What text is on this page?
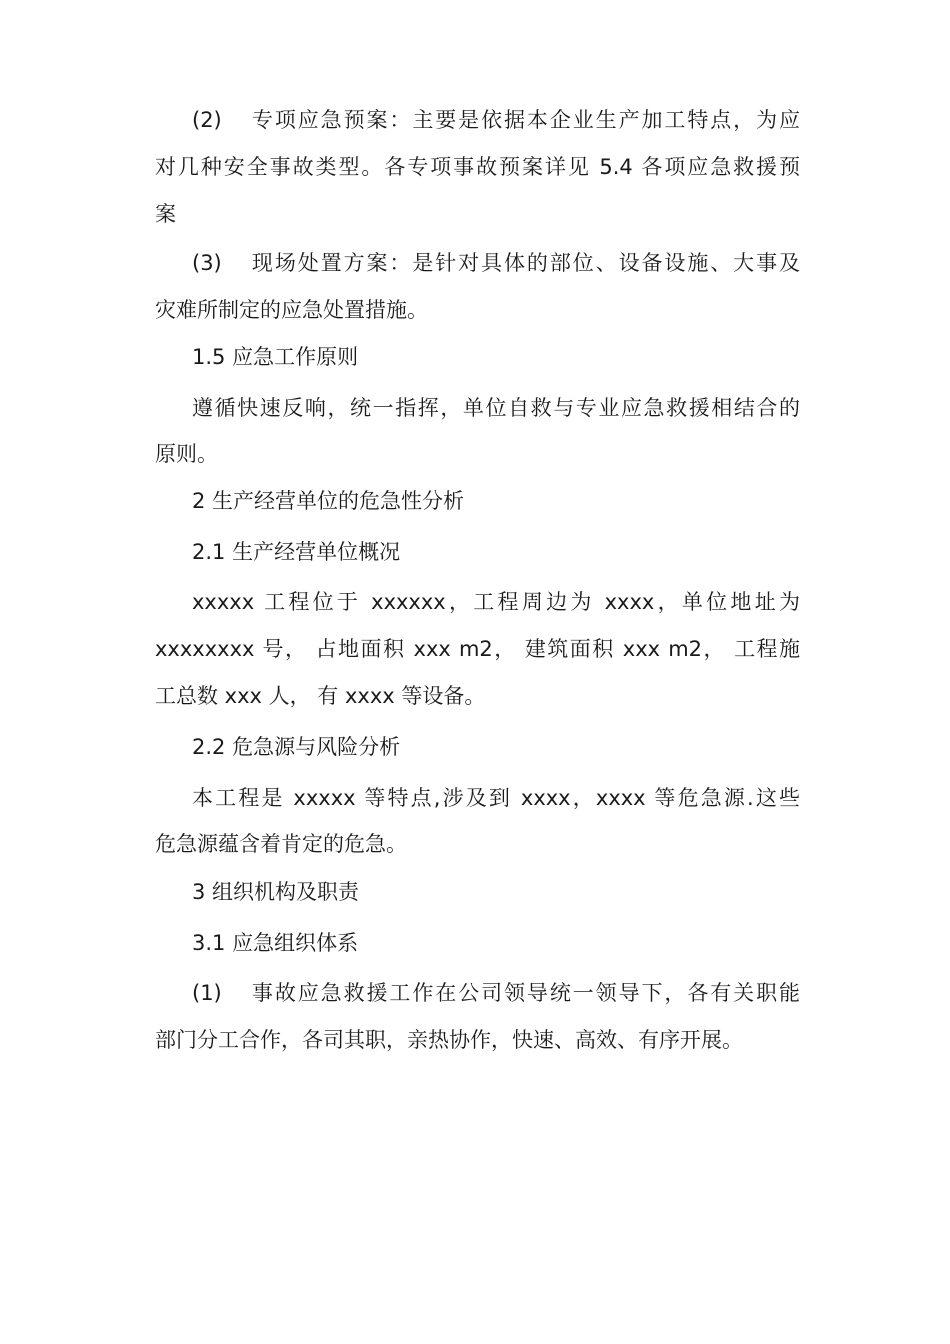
(2) 专项应急预案：主要是依据本企业生产加工特点，为应
对几种安全事故类型。各专项事故预案详见 5.4 各项应急救援预
案
(3) 现场处置方案：是针对具体的部位、设备设施、大事及
灾难所制定的应急处置措施。
1.5 应急工作原则
遵循快速反响，统一指挥，单位自救与专业应急救援相结合的
原则。
2 生产经营单位的危急性分析
2.1 生产经营单位概况
xxxxx 工程位于 xxxxxx，工程周边为 xxxx，单位地址为
xxxxxxxx 号， 占地面积 xxx m2， 建筑面积 xxx m2， 工程施
工总数 xxx 人， 有 xxxx 等设备。
2.2 危急源与风险分析
本工程是 xxxxx 等特点,涉及到 xxxx，xxxx 等危急源.这些
危急源蕴含着肯定的危急。
3 组织机构及职责
3.1 应急组织体系
(1) 事故应急救援工作在公司领导统一领导下，各有关职能
部门分工合作，各司其职，亲热协作，快速、高效、有序开展。
